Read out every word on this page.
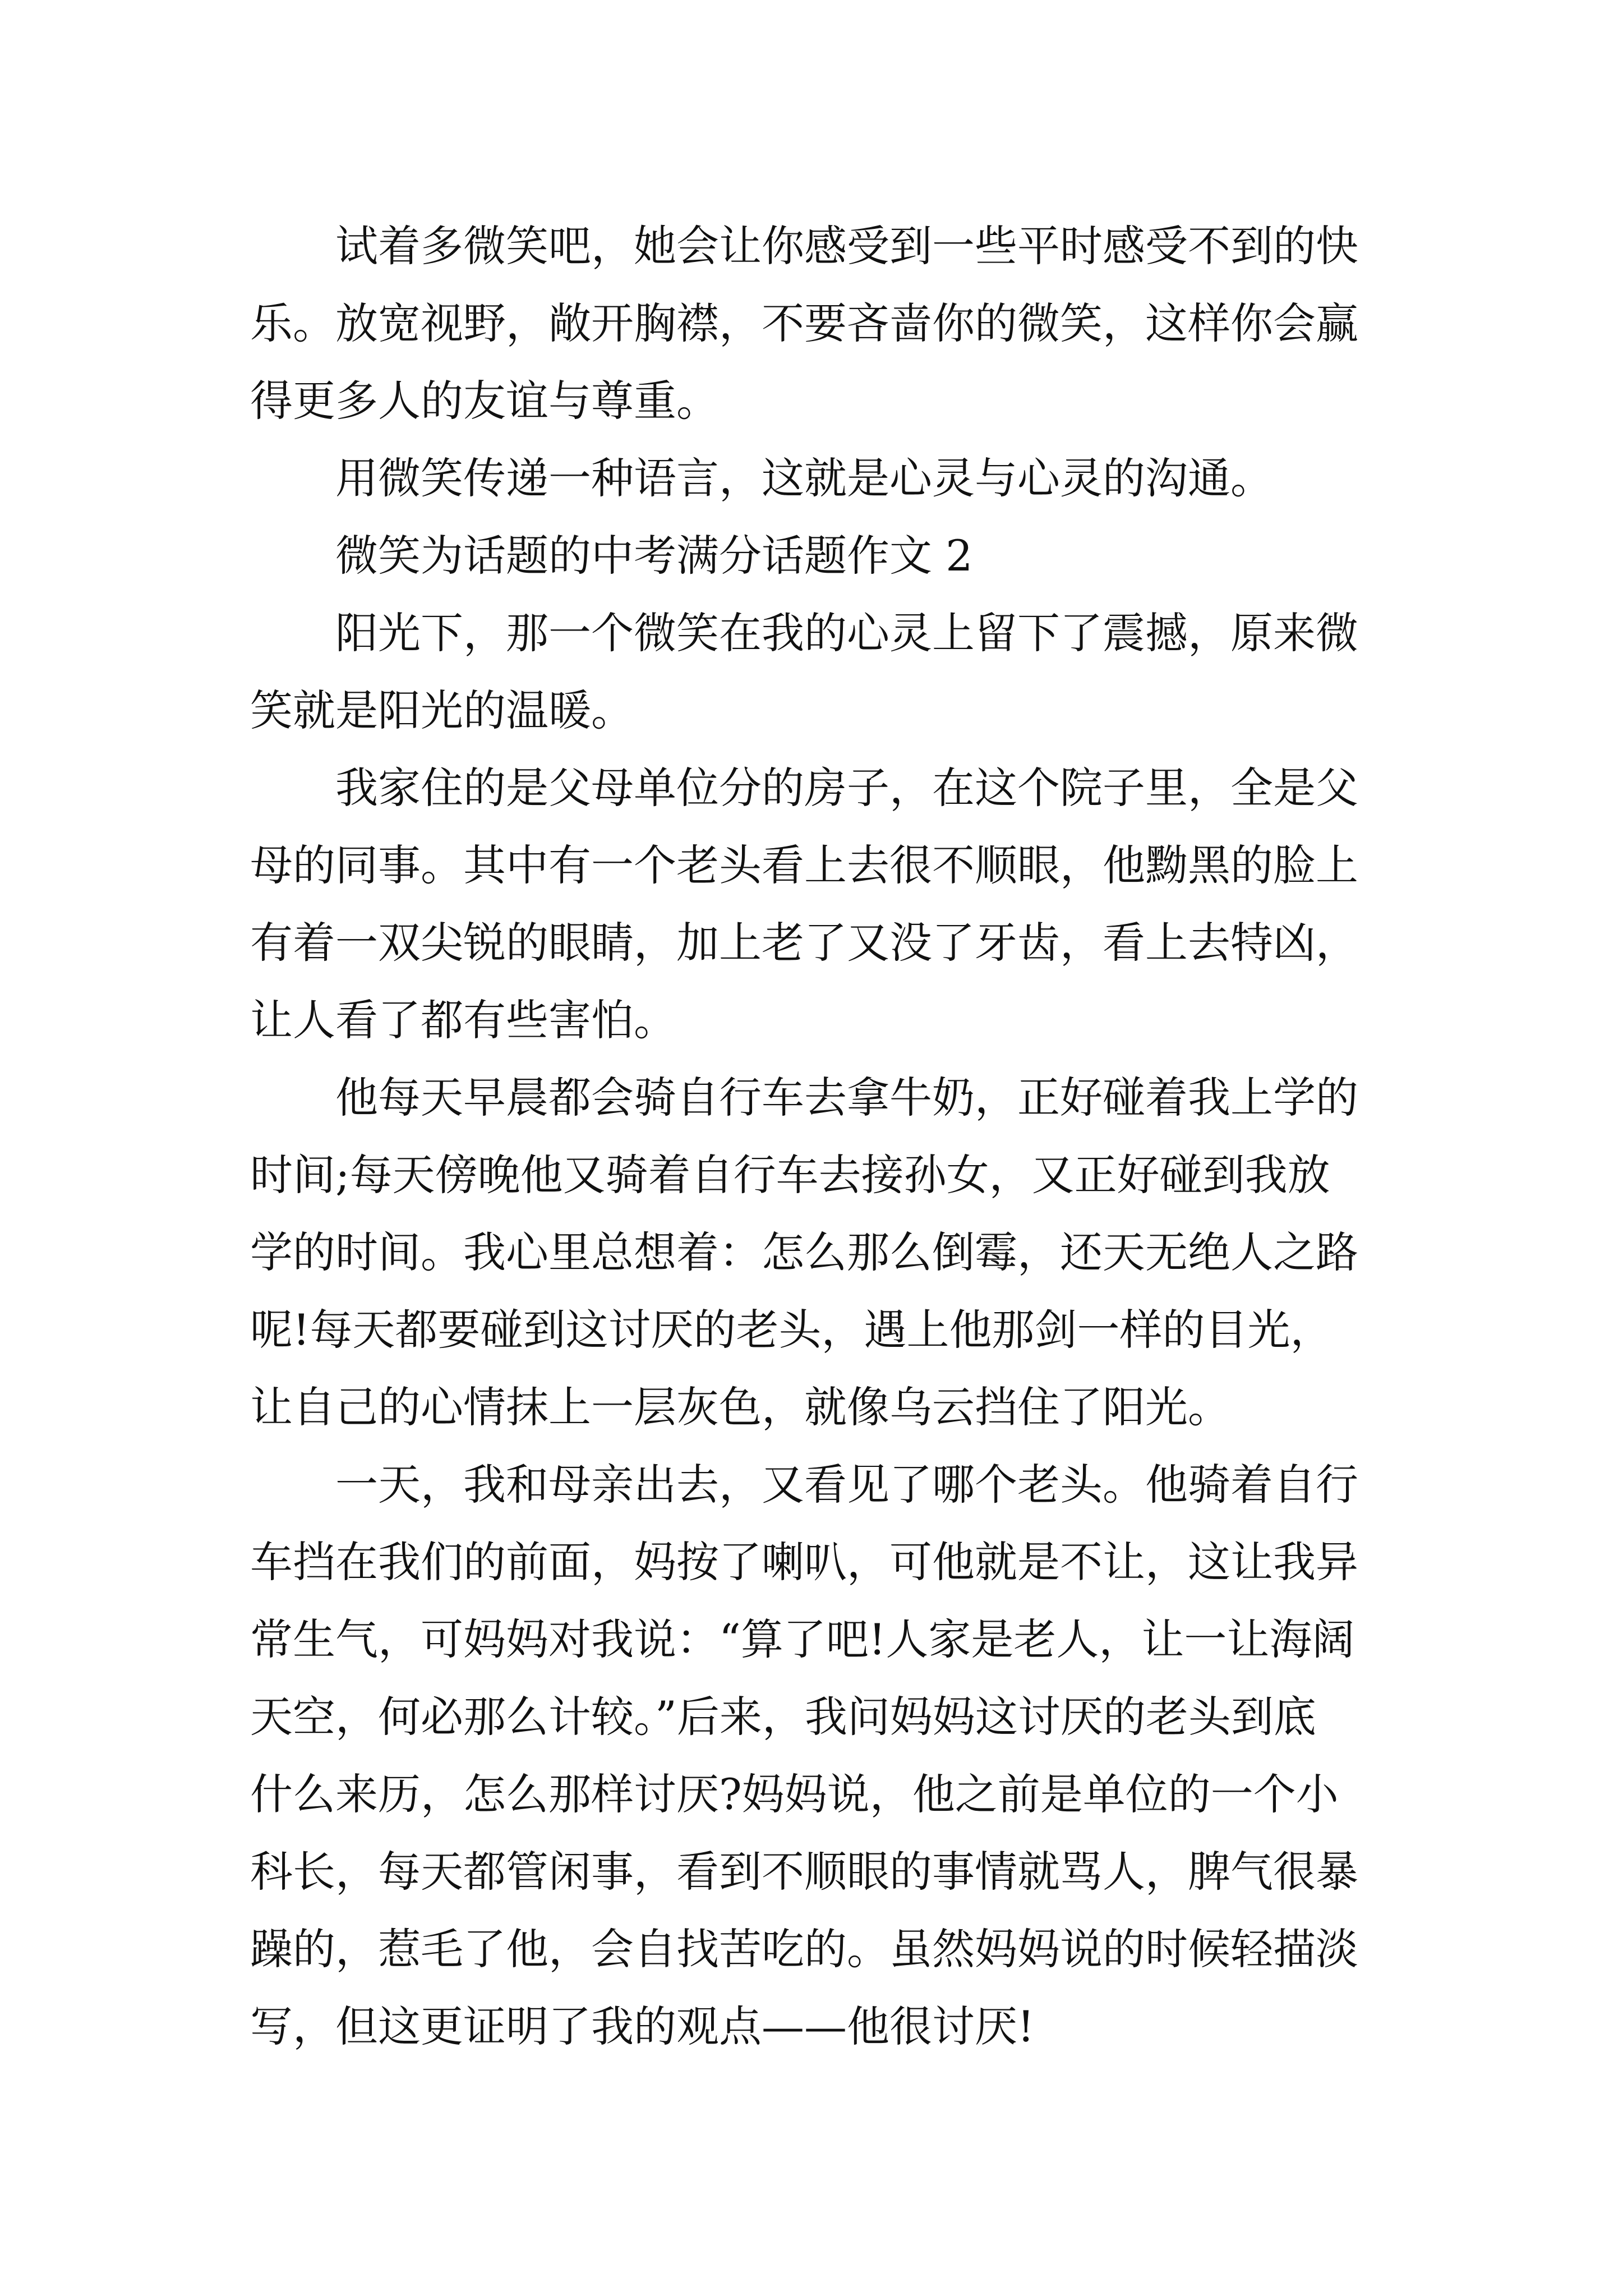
试着多微笑吧，她会让你感受到一些平时感受不到的快
乐。放宽视野，敞开胸襟，不要吝啬你的微笑，这样你会赢
得更多人的友谊与尊重。
用微笑传递一种语言，这就是心灵与心灵的沟通。
微笑为话题的中考满分话题作文 2
阳光下，那一个微笑在我的心灵上留下了震撼，原来微
笑就是阳光的温暖。
我家住的是父母单位分的房子，在这个院子里，全是父
母的同事。其中有一个老头看上去很不顺眼，他黝黑的脸上
有着一双尖锐的眼睛，加上老了又没了牙齿，看上去特凶，
让人看了都有些害怕。
他每天早晨都会骑自行车去拿牛奶，正好碰着我上学的
时间;每天傍晚他又骑着自行车去接孙女，又正好碰到我放
学的时间。我心里总想着：怎么那么倒霉，还天无绝人之路
呢!每天都要碰到这讨厌的老头，遇上他那剑一样的目光，
让自己的心情抹上一层灰色，就像乌云挡住了阳光。
一天，我和母亲出去，又看见了哪个老头。他骑着自行
车挡在我们的前面，妈按了喇叭，可他就是不让，这让我异
常生气，可妈妈对我说：“算了吧!人家是老人，让一让海阔
天空，何必那么计较。”后来，我问妈妈这讨厌的老头到底
什么来历，怎么那样讨厌?妈妈说，他之前是单位的一个小
科长，每天都管闲事，看到不顺眼的事情就骂人，脾气很暴
躁的，惹毛了他，会自找苦吃的。虽然妈妈说的时候轻描淡
写，但这更证明了我的观点——他很讨厌!
